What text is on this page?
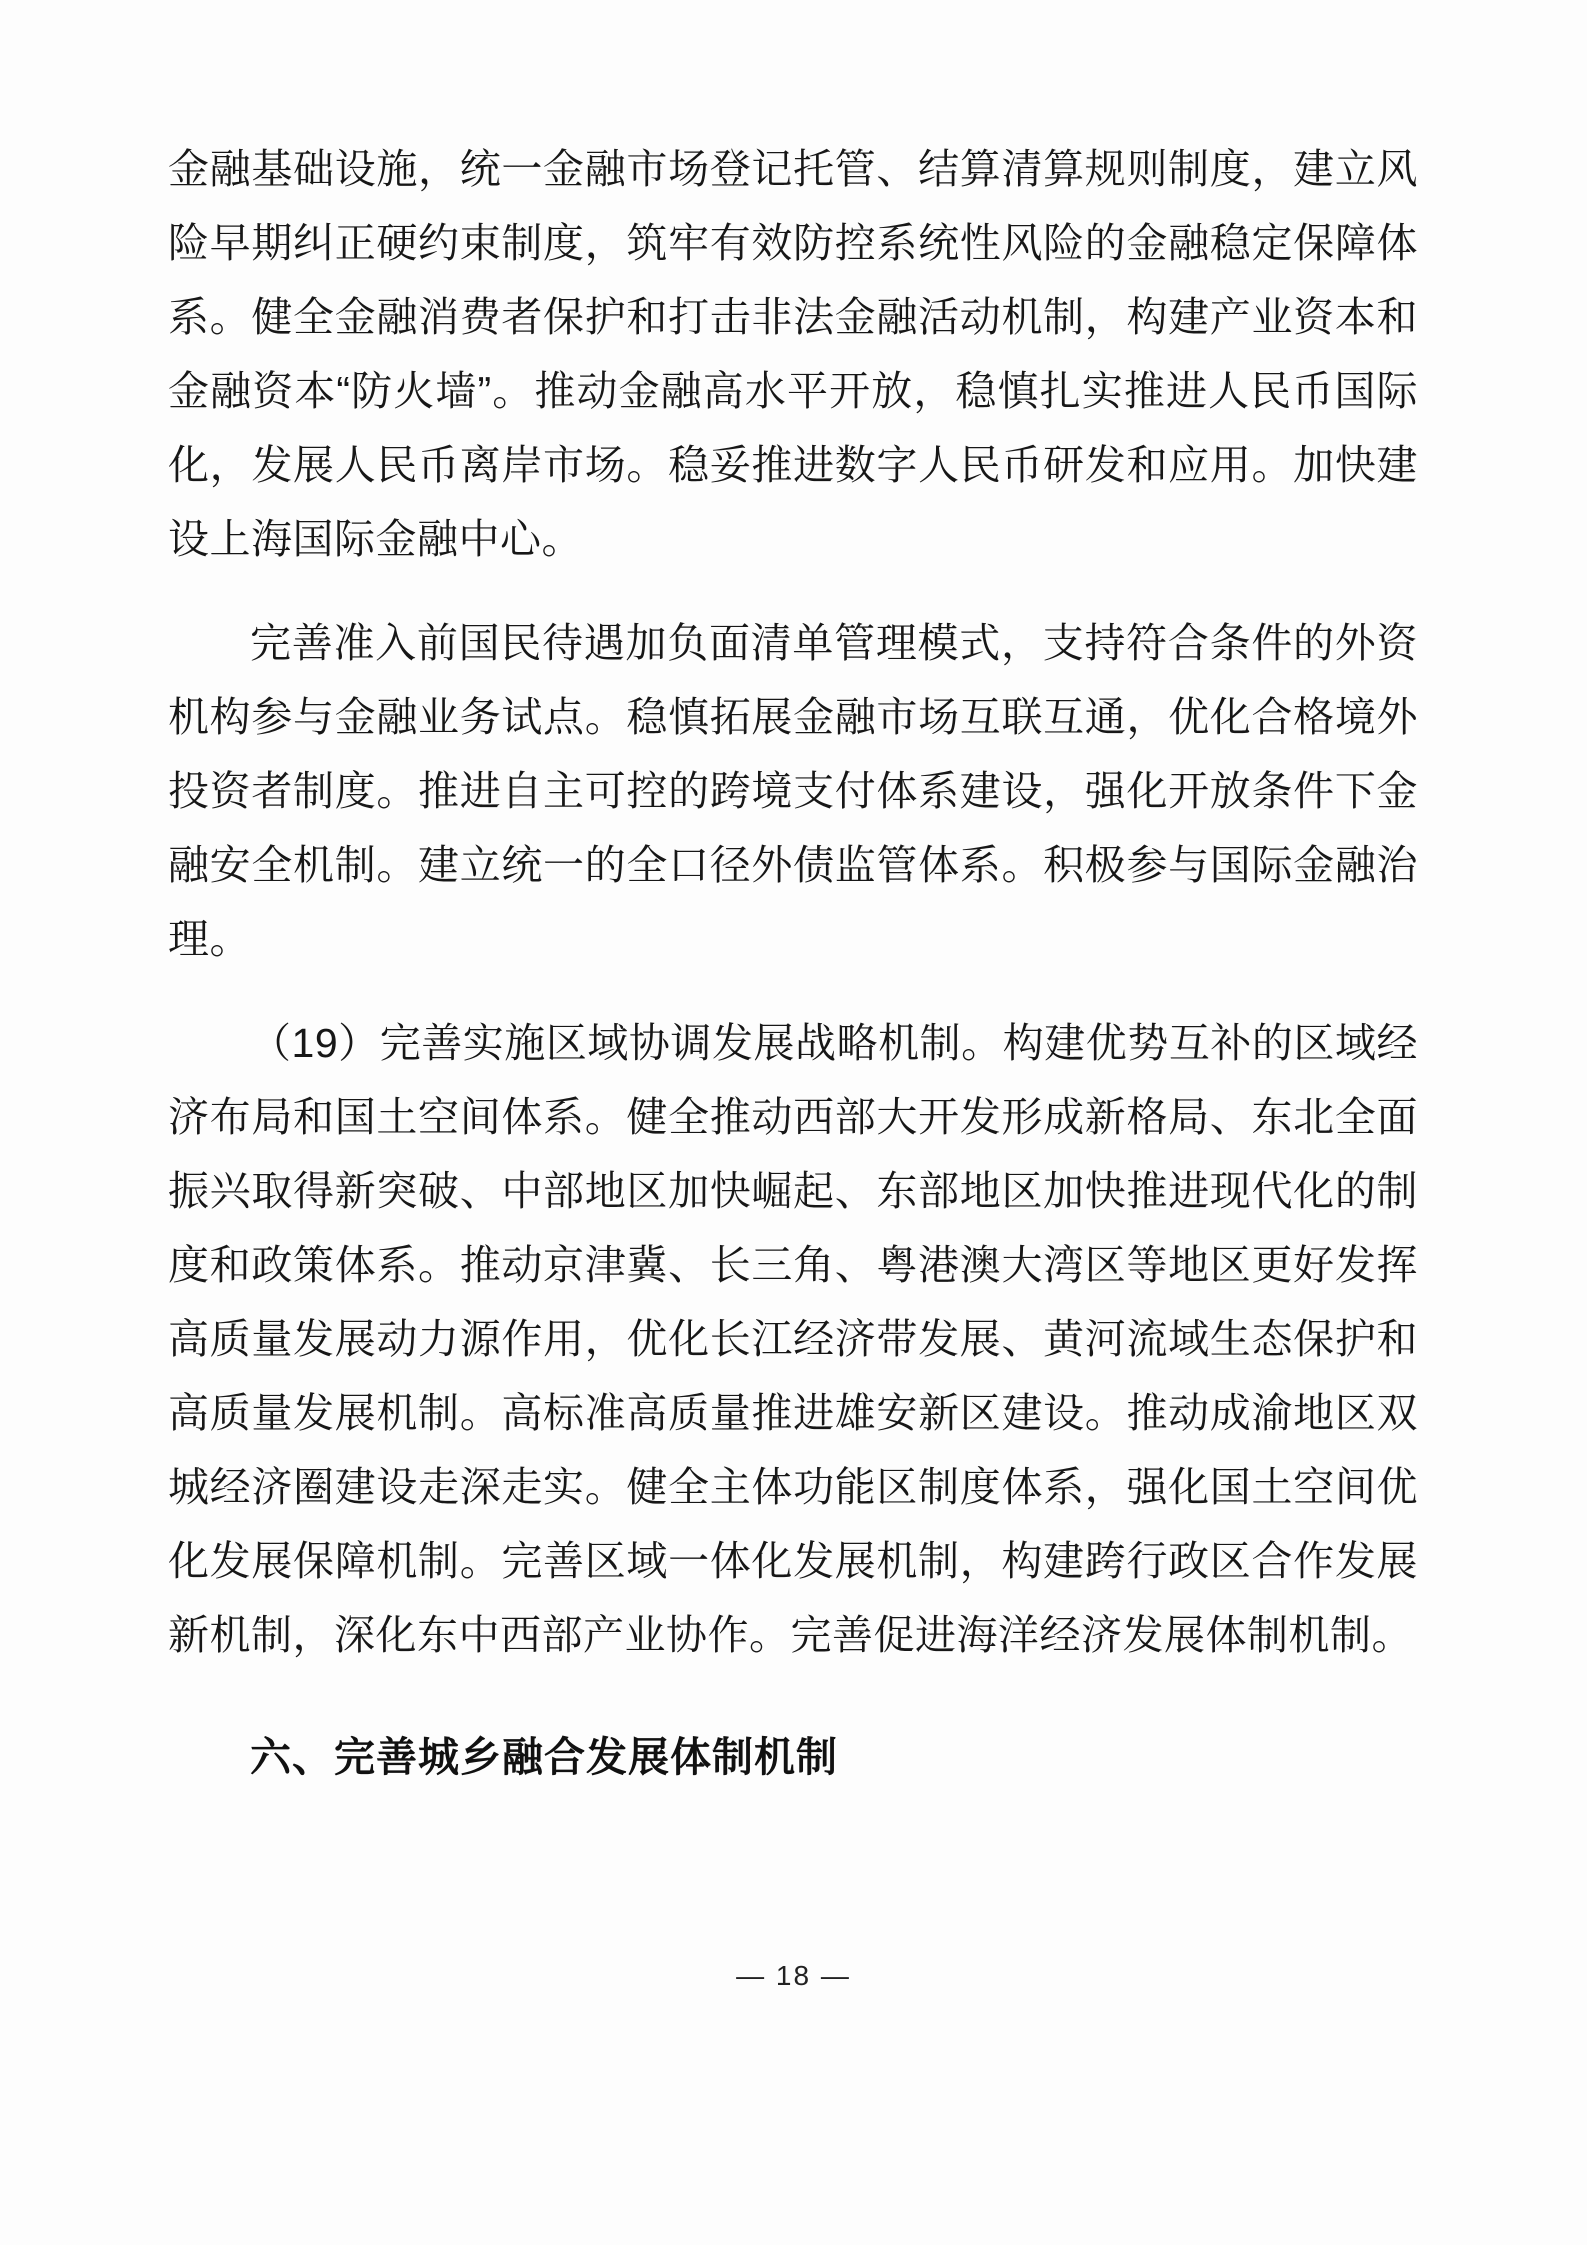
金融基础设施，统一金融市场登记托管、结算清算规则制度，建立风险早期纠正硬约束制度，筑牢有效防控系统性风险的金融稳定保障体系。健全金融消费者保护和打击非法金融活动机制，构建产业资本和金融资本“防火墙”。推动金融高水平开放，稳慎扎实推进人民币国际化，发展人民币离岸市场。稳妥推进数字人民币研发和应用。加快建设上海国际金融中心。

完善准入前国民待遇加负面清单管理模式，支持符合条件的外资机构参与金融业务试点。稳慎拓展金融市场互联互通，优化合格境外投资者制度。推进自主可控的跨境支付体系建设，强化开放条件下金融安全机制。建立统一的全口径外债监管体系。积极参与国际金融治理。

（19）完善实施区域协调发展战略机制。构建优势互补的区域经济布局和国土空间体系。健全推动西部大开发形成新格局、东北全面振兴取得新突破、中部地区加快崛起、东部地区加快推进现代化的制度和政策体系。推动京津冀、长三角、粤港澳大湾区等地区更好发挥高质量发展动力源作用，优化长江经济带发展、黄河流域生态保护和高质量发展机制。高标准高质量推进雄安新区建设。推动成渝地区双城经济圈建设走深走实。健全主体功能区制度体系，强化国土空间优化发展保障机制。完善区域一体化发展机制，构建跨行政区合作发展新机制，深化东中西部产业协作。完善促进海洋经济发展体制机制。

六、完善城乡融合发展体制机制

— 18 —
